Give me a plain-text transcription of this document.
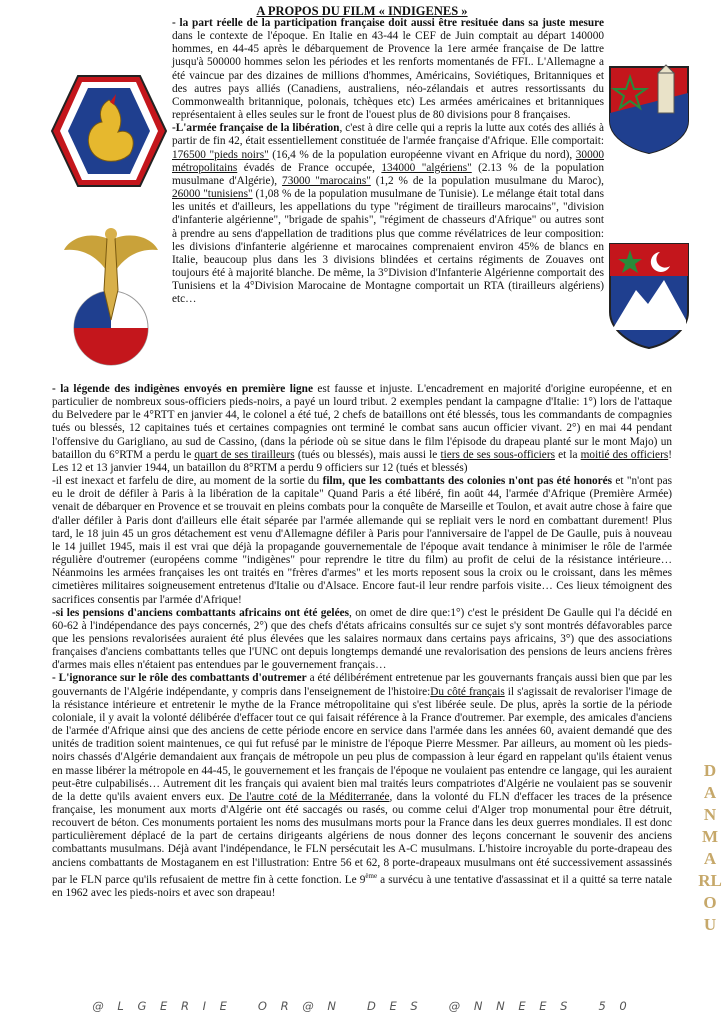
A PROPOS DU FILM « INDIGENES »

- la part réelle de la participation française doit aussi être resituée dans sa juste mesure dans le contexte de l'époque. En Italie en 43-44 le CEF de Juin comptait au départ 140000 hommes, en 44-45 après le débarquement de Provence la 1ere armée française de De lattre jusqu'à 500000 hommes selon les périodes et les renforts momentanés de FFI.. L'Allemagne a été vaincue par des dizaines de millions d'hommes, Américains, Soviétiques, Britanniques et des autres pays alliés (Canadiens, australiens, néo-zélandais et autres ressortissants du Commonwealth britannique, polonais, tchèques etc) Les armées américaines et britanniques représentaient à elles seules sur le front de l'ouest plus de 80 divisions pour 8 françaises.

-L'armée française de la libération, c'est à dire celle qui a repris la lutte aux cotés des alliés à partir de fin 42, était essentiellement constituée de l'armée française d'Afrique. Elle comportait: 176500 "pieds noirs" (16,4 % de la population européenne vivant en Afrique du nord), 30000 métropolitains évadés de France occupée, 134000 "algériens" (2.13 % de la population musulmane d'Algérie), 73000 "marocains" (1,2 % de la population musulmane du Maroc), 26000 "tunisiens" (1,08 % de la population musulmane de Tunisie). Le mélange était total dans les unités et d'ailleurs, les appellations du type "régiment de tirailleurs marocains", "division d'infanterie algérienne", "brigade de spahis", "régiment de chasseurs d'Afrique" ou autres sont à prendre au sens d'appellation de traditions plus que comme révélatrices de leur composition: les divisions d'infanterie algérienne et marocaines comprenaient environ 45% de blancs en Italie, beaucoup plus dans les 3 divisions blindées et certains régiments de Zouaves ont toujours été à majorité blanche. De même, la 3°Division d'Infanterie Algérienne comportait des Tunisiens et la 4°Division Marocaine de Montagne comportait un RTA (tirailleurs algériens) etc…

- la légende des indigènes envoyés en première ligne est fausse et injuste. L'encadrement en majorité d'origine européenne, et en particulier de nombreux sous-officiers pieds-noirs, a payé un lourd tribut. 2 exemples pendant la campagne d'Italie: 1°) lors de l'attaque du Belvedere par le 4°RTT en janvier 44, le colonel a été tué, 2 chefs de bataillons ont été blessés, tous les commandants de compagnies tués ou blessés, 12 capitaines tués et certaines compagnies ont terminé le combat sans aucun officier vivant. 2°) en mai 44 pendant l'offensive du Garigliano, au sud de Cassino, (dans la période où se situe dans le film l'épisode du drapeau planté sur le mont Majo) un bataillon du 6°RTM a perdu le quart de ses tirailleurs (tués ou blessés), mais aussi le tiers de ses sous-officiers et la moitié des officiers! Les 12 et 13 janvier 1944, un bataillon du 8°RTM a perdu 9 officiers sur 12 (tués et blessés)

-il est inexact et farfelu de dire, au moment de la sortie du film, que les combattants des colonies n'ont pas été honorés et "n'ont pas eu le droit de défiler à Paris à la libération de la capitale" Quand Paris a été libéré, fin août 44, l'armée d'Afrique (Première Armée) venait de débarquer en Provence et se trouvait en pleins combats pour la conquête de Marseille et Toulon, et avait autre chose à faire que d'aller défiler à Paris dont d'ailleurs elle était séparée par l'armée allemande qui se repliait vers le nord en combattant durement! Plus tard, le 18 juin 45 un gros détachement est venu d'Allemagne défiler à Paris pour l'anniversaire de l'appel de De Gaulle, puis à nouveau le 14 juillet 1945, mais il est vrai que déjà la propagande gouvernementale de l'époque avait tendance à minimiser le rôle de l'armée régulière d'outremer (européens comme "indigènes" pour reprendre le titre du film) au profit de celui de la résistance intérieure… Néanmoins les armées françaises les ont traités en "frères d'armes" et les morts reposent sous la croix ou le croissant, dans les mêmes cimetières militaires soigneusement entretenus d'Italie ou d'Alsace. Encore faut-il leur rendre parfois visite… Ces lieux témoignent des sacrifices consentis par l'armée d'Afrique!

-si les pensions d'anciens combattants africains ont été gelées, on omet de dire que:1°) c'est le président De Gaulle qui l'a décidé en 60-62 à l'indépendance des pays concernés, 2°) que des chefs d'états africains consultés sur ce sujet s'y sont montrés défavorables parce que les pensions revalorisées auraient été plus élevées que les salaires normaux dans certains pays africains, 3°) que des associations françaises d'anciens combattants telles que l'UNC ont depuis longtemps demandé une revalorisation des pensions de leurs anciens frères d'armes mais elles n'étaient pas entendues par le gouvernement français…

- L'ignorance sur le rôle des combattants d'outremer a été délibérément entretenue par les gouvernants français aussi bien que par les gouvernants de l'Algérie indépendante, y compris dans l'enseignement de l'histoire:Du côté français il s'agissait de revaloriser l'image de la résistance intérieure et entretenir le mythe de la France métropolitaine qui s'est libérée seule. De plus, après la sortie de la période coloniale, il y avait la volonté délibérée d'effacer tout ce qui faisait référence à la France d'outremer. Par exemple, des amicales d'anciens de l'armée d'Afrique ainsi que des anciens de cette période encore en service dans l'armée dans les années 60, avaient demandé que des unités de tradition soient maintenues, ce qui fut refusé par le ministre de l'époque Pierre Messmer. Par ailleurs, au moment où les pieds-noirs chassés d'Algérie demandaient aux français de métropole un peu plus de compassion à leur égard en rappelant qu'ils étaient venus en masse libérer la métropole en 44-45, le gouvernement et les français de l'époque ne voulaient pas entendre ce langage, qui les auraient peut-être culpabilisés… Autrement dit les français qui avaient bien mal traités leurs compatriotes d'Algérie ne voulaient pas se souvenir de la dette qu'ils avaient envers eux. De l'autre coté de la Méditerranée, dans la volonté du FLN d'effacer les traces de la présence française, les monument aux morts d'Algérie ont été saccagés ou rasés, ou comme celui d'Alger trop monumental pour être détruit, recouvert de béton. Ces monuments portaient les noms des musulmans morts pour la France dans les deux guerres mondiales. Il est donc particulièrement déplacé de la part de certains dirigeants algériens de nous donner des leçons concernant le souvenir des anciens combattants musulmans. Déjà avant l'indépendance, le FLN persécutait les A-C musulmans. L'histoire incroyable du porte-drapeau des anciens combattants de Mostaganem en est l'illustration: Entre 56 et 62, 8 porte-drapeaux musulmans ont été successivement assassinés par le FLN parce qu'ils refusaient de mettre fin à cette fonction. Le 9ème a survécu à une tentative d'assassinat et il a quitté sa terre natale en 1962 avec les pieds-noirs et avec son drapeau!

DANMARLOU
@ L G E R I E   O R @ N   D E S   @ N N E E S   5 0
